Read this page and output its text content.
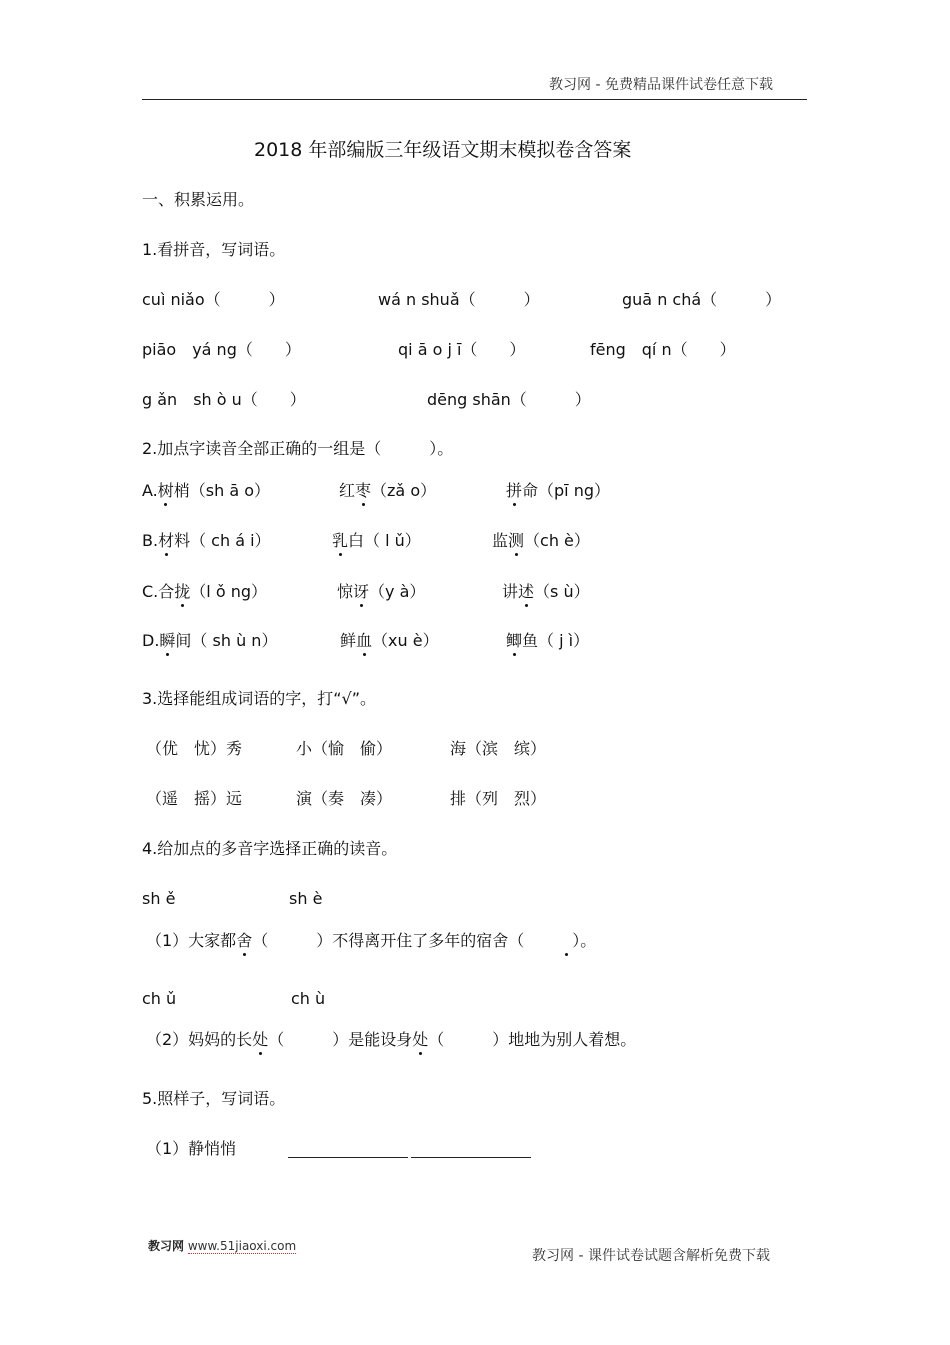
教习网 - 免费精品课件试卷任意下载
2018 年部编版三年级语文期末模拟卷含答案
一、积累运用。
1.看拼音，写词语。
cuì niǎo（　　　）	wá n shuǎ（　　　）	guā n chá（　　　）
piāo　yá ng（　　）	qi ā o j ī（　　）	fēng　qí n（　　）
g ǎn　sh ò u（　　）	dēng shān（　　　）
2.加点字读音全部正确的一组是（　　　）。
A.树梢（sh ā o）	红枣（zǎ o）	拼命（pī ng）
B.材料（ ch á i）	乳白（ l ǔ）	监测（ch è）
C.合拢（l ǒ ng）	惊讶（y à）	讲述（s ù）
D.瞬间（ sh ù n）	鲜血（xu è）	鲫鱼（ j ì）
3.选择能组成词语的字，打“√”。
（优　忧）秀	小（愉　偷）	海（滨　缤）
（遥　摇）远	演（奏　凑）	排（列　烈）
4.给加点的多音字选择正确的读音。
sh ě	sh è
（1）大家都舍（　　　）不得离开住了多年的宿舍（　　　）。
ch ǔ	ch ù
（2）妈妈的长处（　　　）是能设身处（　　　）地地为别人着想。
5.照样子，写词语。
（1）静悄悄
教习网 www.51jiaoxi.com
教习网 - 课件试卷试题含解析免费下载
